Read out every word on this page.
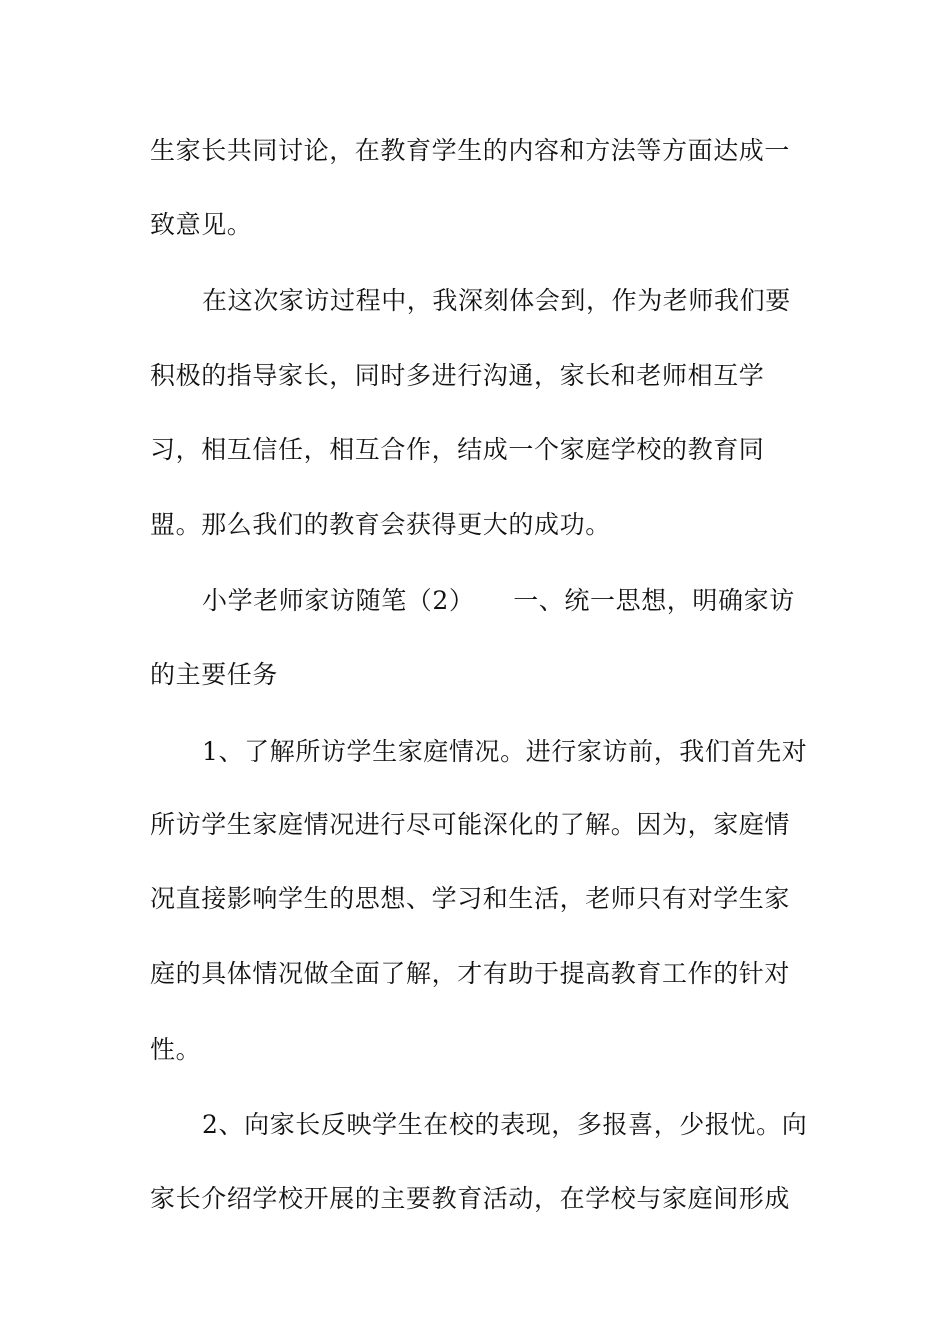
生家长共同讨论，在教育学生的内容和方法等方面达成一
致意见。
在这次家访过程中，我深刻体会到，作为老师我们要
积极的指导家长，同时多进行沟通，家长和老师相互学
习，相互信任，相互合作，结成一个家庭学校的教育同
盟。那么我们的教育会获得更大的成功。
小学老师家访随笔（2）　　一、统一思想，明确家访
的主要任务
1、了解所访学生家庭情况。进行家访前，我们首先对
所访学生家庭情况进行尽可能深化的了解。因为，家庭情
况直接影响学生的思想、学习和生活，老师只有对学生家
庭的具体情况做全面了解，才有助于提高教育工作的针对
性。
2、向家长反映学生在校的表现，多报喜，少报忧。向
家长介绍学校开展的主要教育活动，在学校与家庭间形成
